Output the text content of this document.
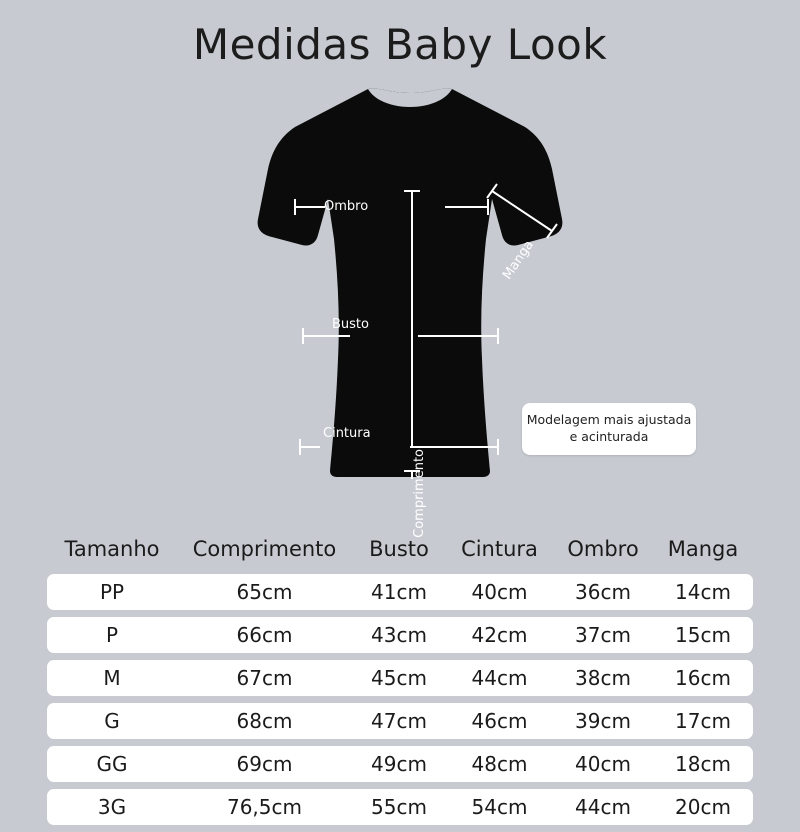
Medidas Baby Look
Ombro
Busto
Cintura
Comprimento
Manga
Modelagem mais ajustada e acinturada
Tamanho	Comprimento	Busto	Cintura	Ombro	Manga
PP	65cm	41cm	40cm	36cm	14cm
P	66cm	43cm	42cm	37cm	15cm
M	67cm	45cm	44cm	38cm	16cm
G	68cm	47cm	46cm	39cm	17cm
GG	69cm	49cm	48cm	40cm	18cm
3G	76,5cm	55cm	54cm	44cm	20cm
